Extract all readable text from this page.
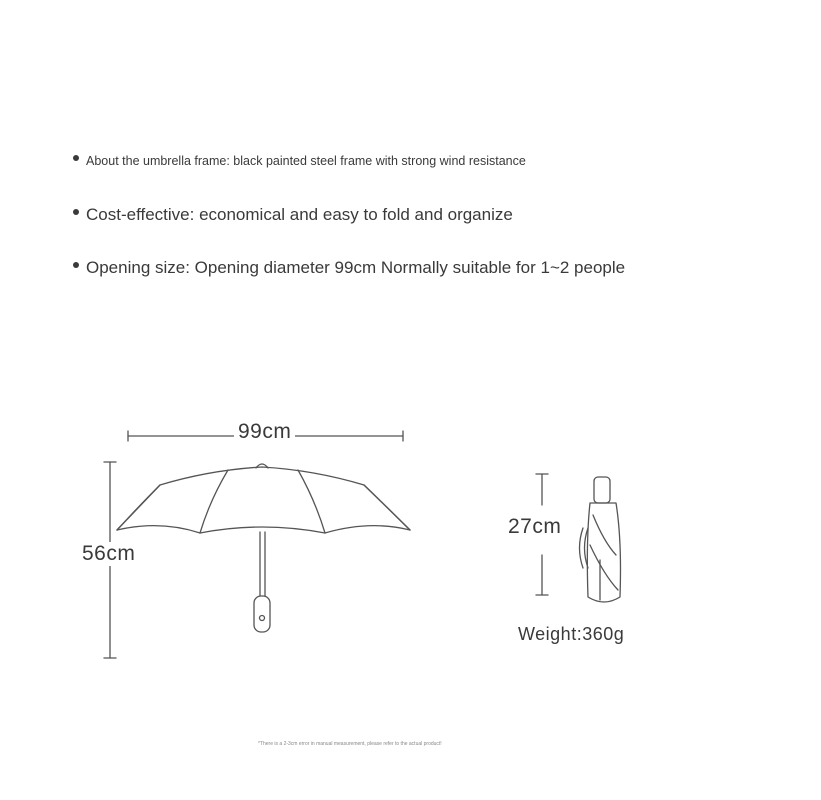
About the umbrella frame: black painted steel frame with strong wind resistance
Cost-effective: economical and easy to fold and organize
Opening size: Opening diameter 99cm Normally suitable for 1~2 people
99cm
56cm
27cm
Weight:360g
*There is a 2-3cm error in manual measurement, please refer to the actual product!
